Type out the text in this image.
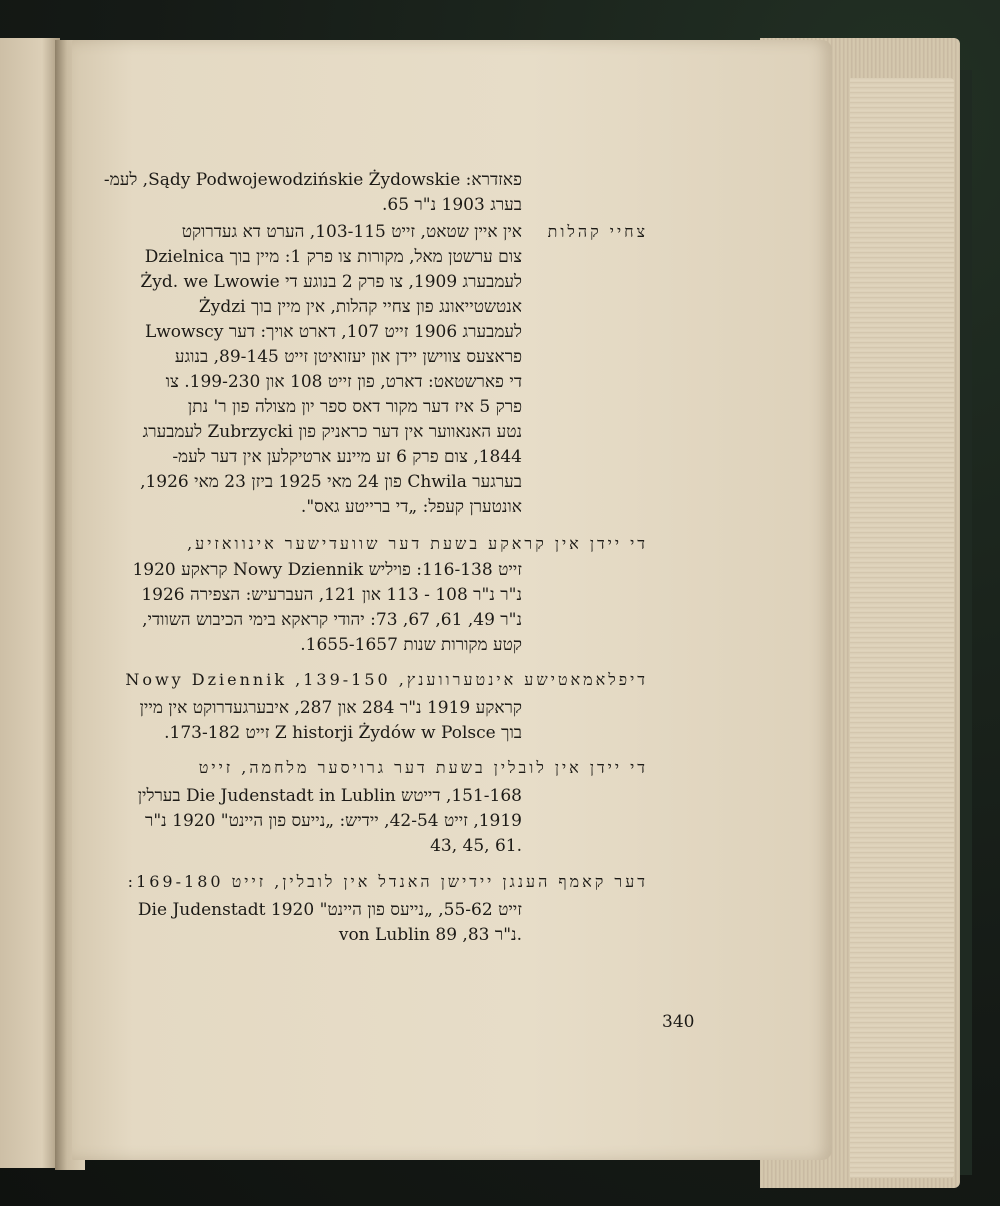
פאזדרא: Sądy Podwojewodzińskie Żydowskie, לעמ-
בערג 1903 נ"ר 65.
צחיי קהלות
אין איין שטאט, זייט 103-115, הערט דא געדרוקט
צום ערשטן מאל, מקורות צו פרק 1: מיין בוך Dzielnica
Żyd. we Lwowie לעמבערג 1909, צו פרק 2 בנוגע די
אנטשטייאונג פון צחיי קהלות, אין מיין בוך Żydzi
Lwowscy לעמבערג 1906 זייט 107, דארט אויך: דער
פראצעס צווישן יידן און יעזואיטן זייט 89-145, בנוגע
די פארשטאט: דארט, פון זייט 108 און 199-230. צו
פרק 5 איז דער מקור דאס ספר יון מצולה פון ר' נתן
נטע האנאווער אין דער כראניק פון Zubrzycki לעמבערג
1844, צום פרק 6 זע מיינע ארטיקלען אין דער לעמ-
בערגער Chwila פון 24 מאי 1925 ביזן 23 מאי 1926,
אונטערן קעפל: „די ברייטע גאס".
די יידן אין קראקע בשעת דער שוועדישער אינוואזיע,
זייט 116-138: פויליש Nowy Dziennik קראקע 1920
נ"ר נ"ר 108 - 113 און 121, העברעיש: הצפירה 1926
נ"ר 49, 61, 67, 73: יהודי קראקא בימי הכיבוש השוודי,
קטע מקורות שנות 1655-1657.
דיפלאמאטישע אינטערווענץ, 139-150, Nowy Dziennik
קראקע 1919 נ"ר 284 און 287, איבערגעדרוקט אין מיין
בוך Z historji Żydów w Polsce זייט 173-182.
די יידן אין לובלין בשעת דער גרויסער מלחמה, זייט
151-168, דייטש Die Judenstadt in Lublin בערלין
1919, זייט 42-54, יידיש: „נייעס פון היינט" 1920 נ"ר
43, 45, 61.
דער קאמף הענגן יידישן האנדל אין לובלין, זייט 169-180:
Die Judenstadt זייט 55-62, „נייעס פון היינט" 1920
von Lublin נ"ר 83, 89.
340
